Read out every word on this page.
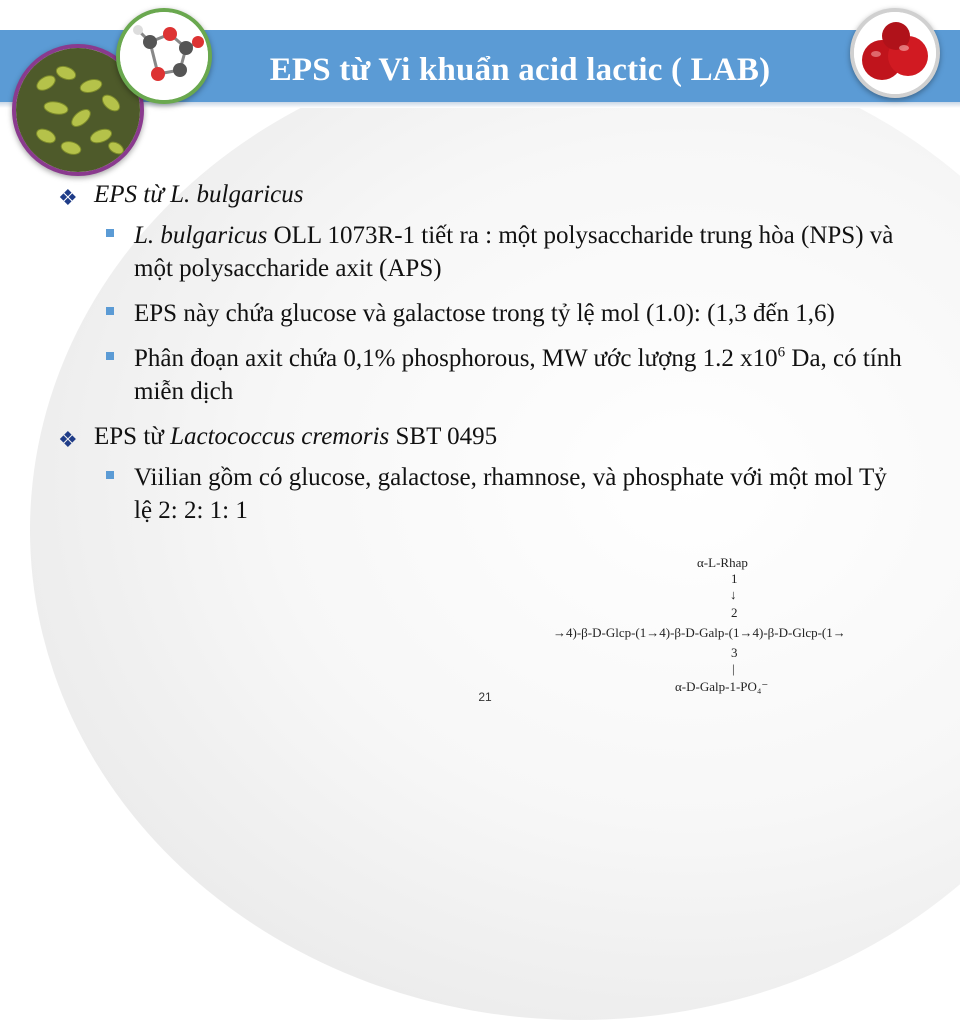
EPS từ Vi khuẩn acid lactic ( LAB)
❖ EPS từ L. bulgaricus
L. bulgaricus OLL 1073R-1 tiết ra : một polysaccharide trung hòa (NPS) và một polysaccharide axit (APS)
EPS này chứa glucose và galactose trong tỷ lệ mol (1.0): (1,3 đến 1,6)
Phân đoạn axit chứa 0,1% phosphorous, MW ước lượng 1.2 $x10^6$ Da, có tính miễn dịch
❖ EPS từ Lactococcus cremoris SBT 0495
Viilian gồm có glucose, galactose, rhamnose, và phosphate với một mol Tỷ lệ 2: 2: 1: 1
α-L-Rhap
1
↓
2
→4)-β-D-Glcp-(1→4)-β-D-Galp-(1→4)-β-D-Glcp-(1→
3
|
α-D-Galp-1-PO₄⁻
21
